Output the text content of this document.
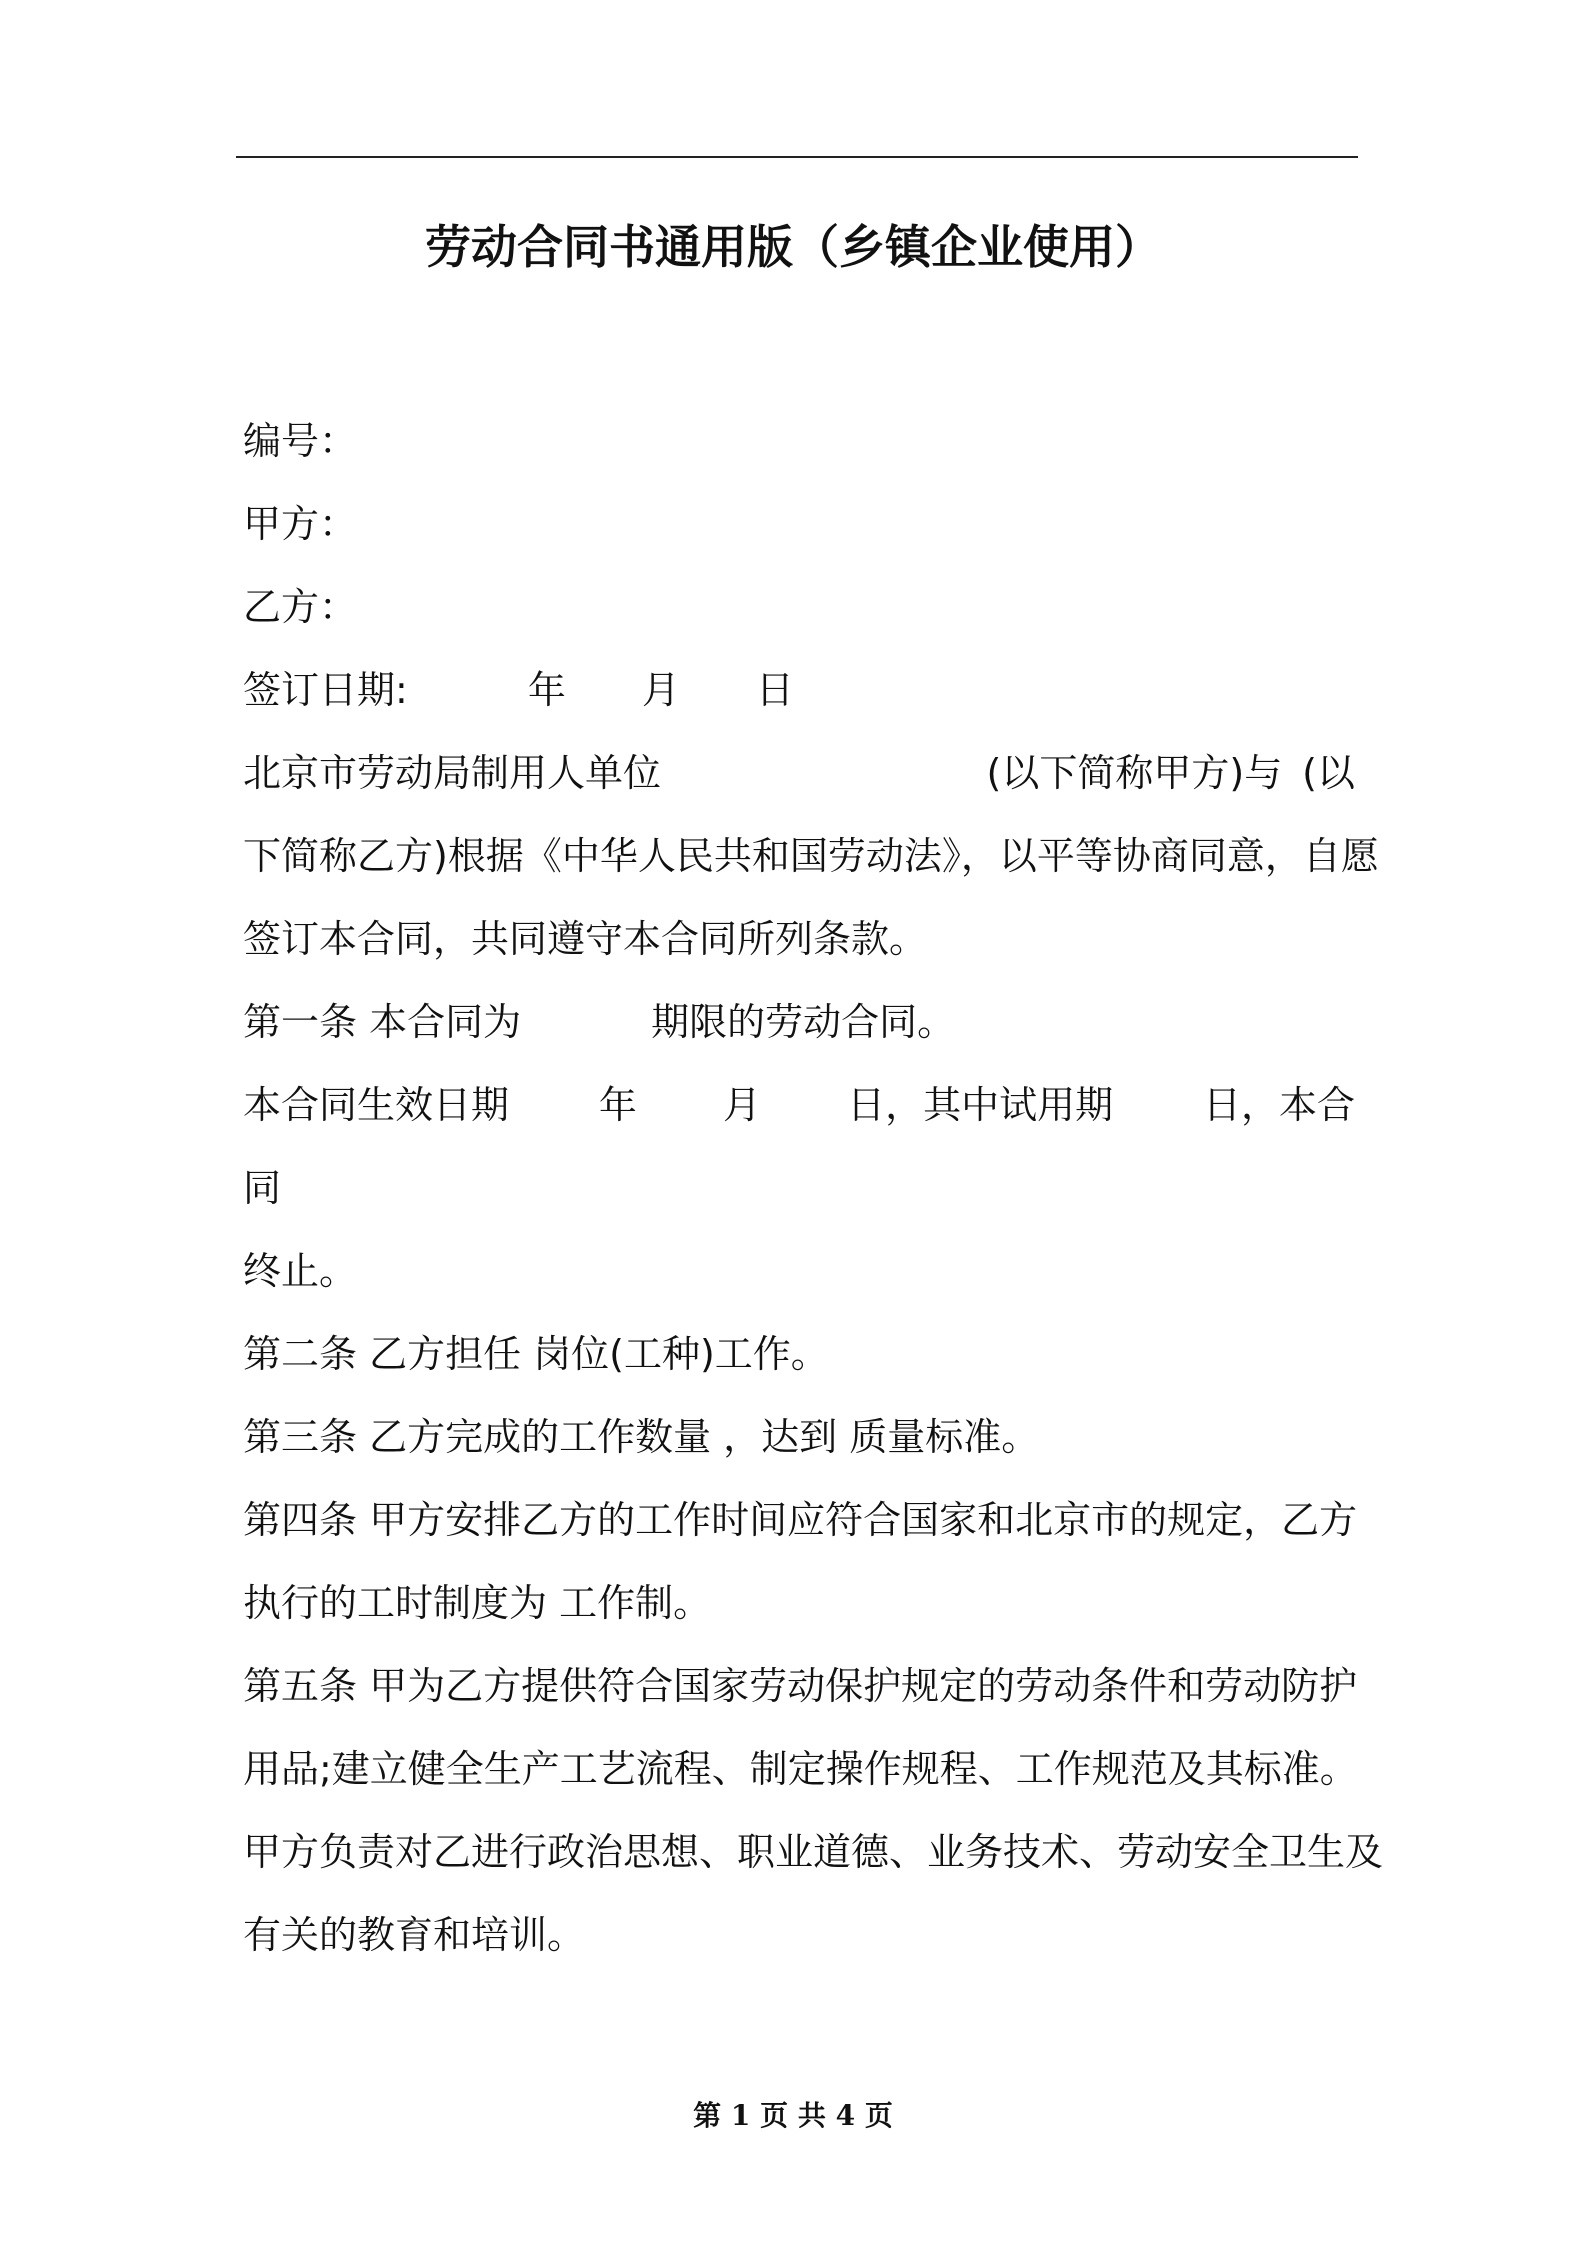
劳动合同书通用版（乡镇企业使用）
编号：
甲方：
乙方：
签订日期:	年 月 日
北京市劳动局制用人单位	(以下简称甲方)与 (以
下简称乙方)根据《中华人民共和国劳动法》，以平等协商同意，自愿
签订本合同，共同遵守本合同所列条款。
第一条 本合同为	期限的劳动合同。
本合同生效日期 年 月 日，其中试用期 日，本合
同
终止。
第二条 乙方担任 岗位(工种)工作。
第三条 乙方完成的工作数量 ，达到 质量标准。
第四条 甲方安排乙方的工作时间应符合国家和北京市的规定，乙方
执行的工时制度为 工作制。
第五条 甲为乙方提供符合国家劳动保护规定的劳动条件和劳动防护
用品;建立健全生产工艺流程、制定操作规程、工作规范及其标准。
甲方负责对乙进行政治思想、职业道德、业务技术、劳动安全卫生及
有关的教育和培训。
第 1 页 共 4 页
